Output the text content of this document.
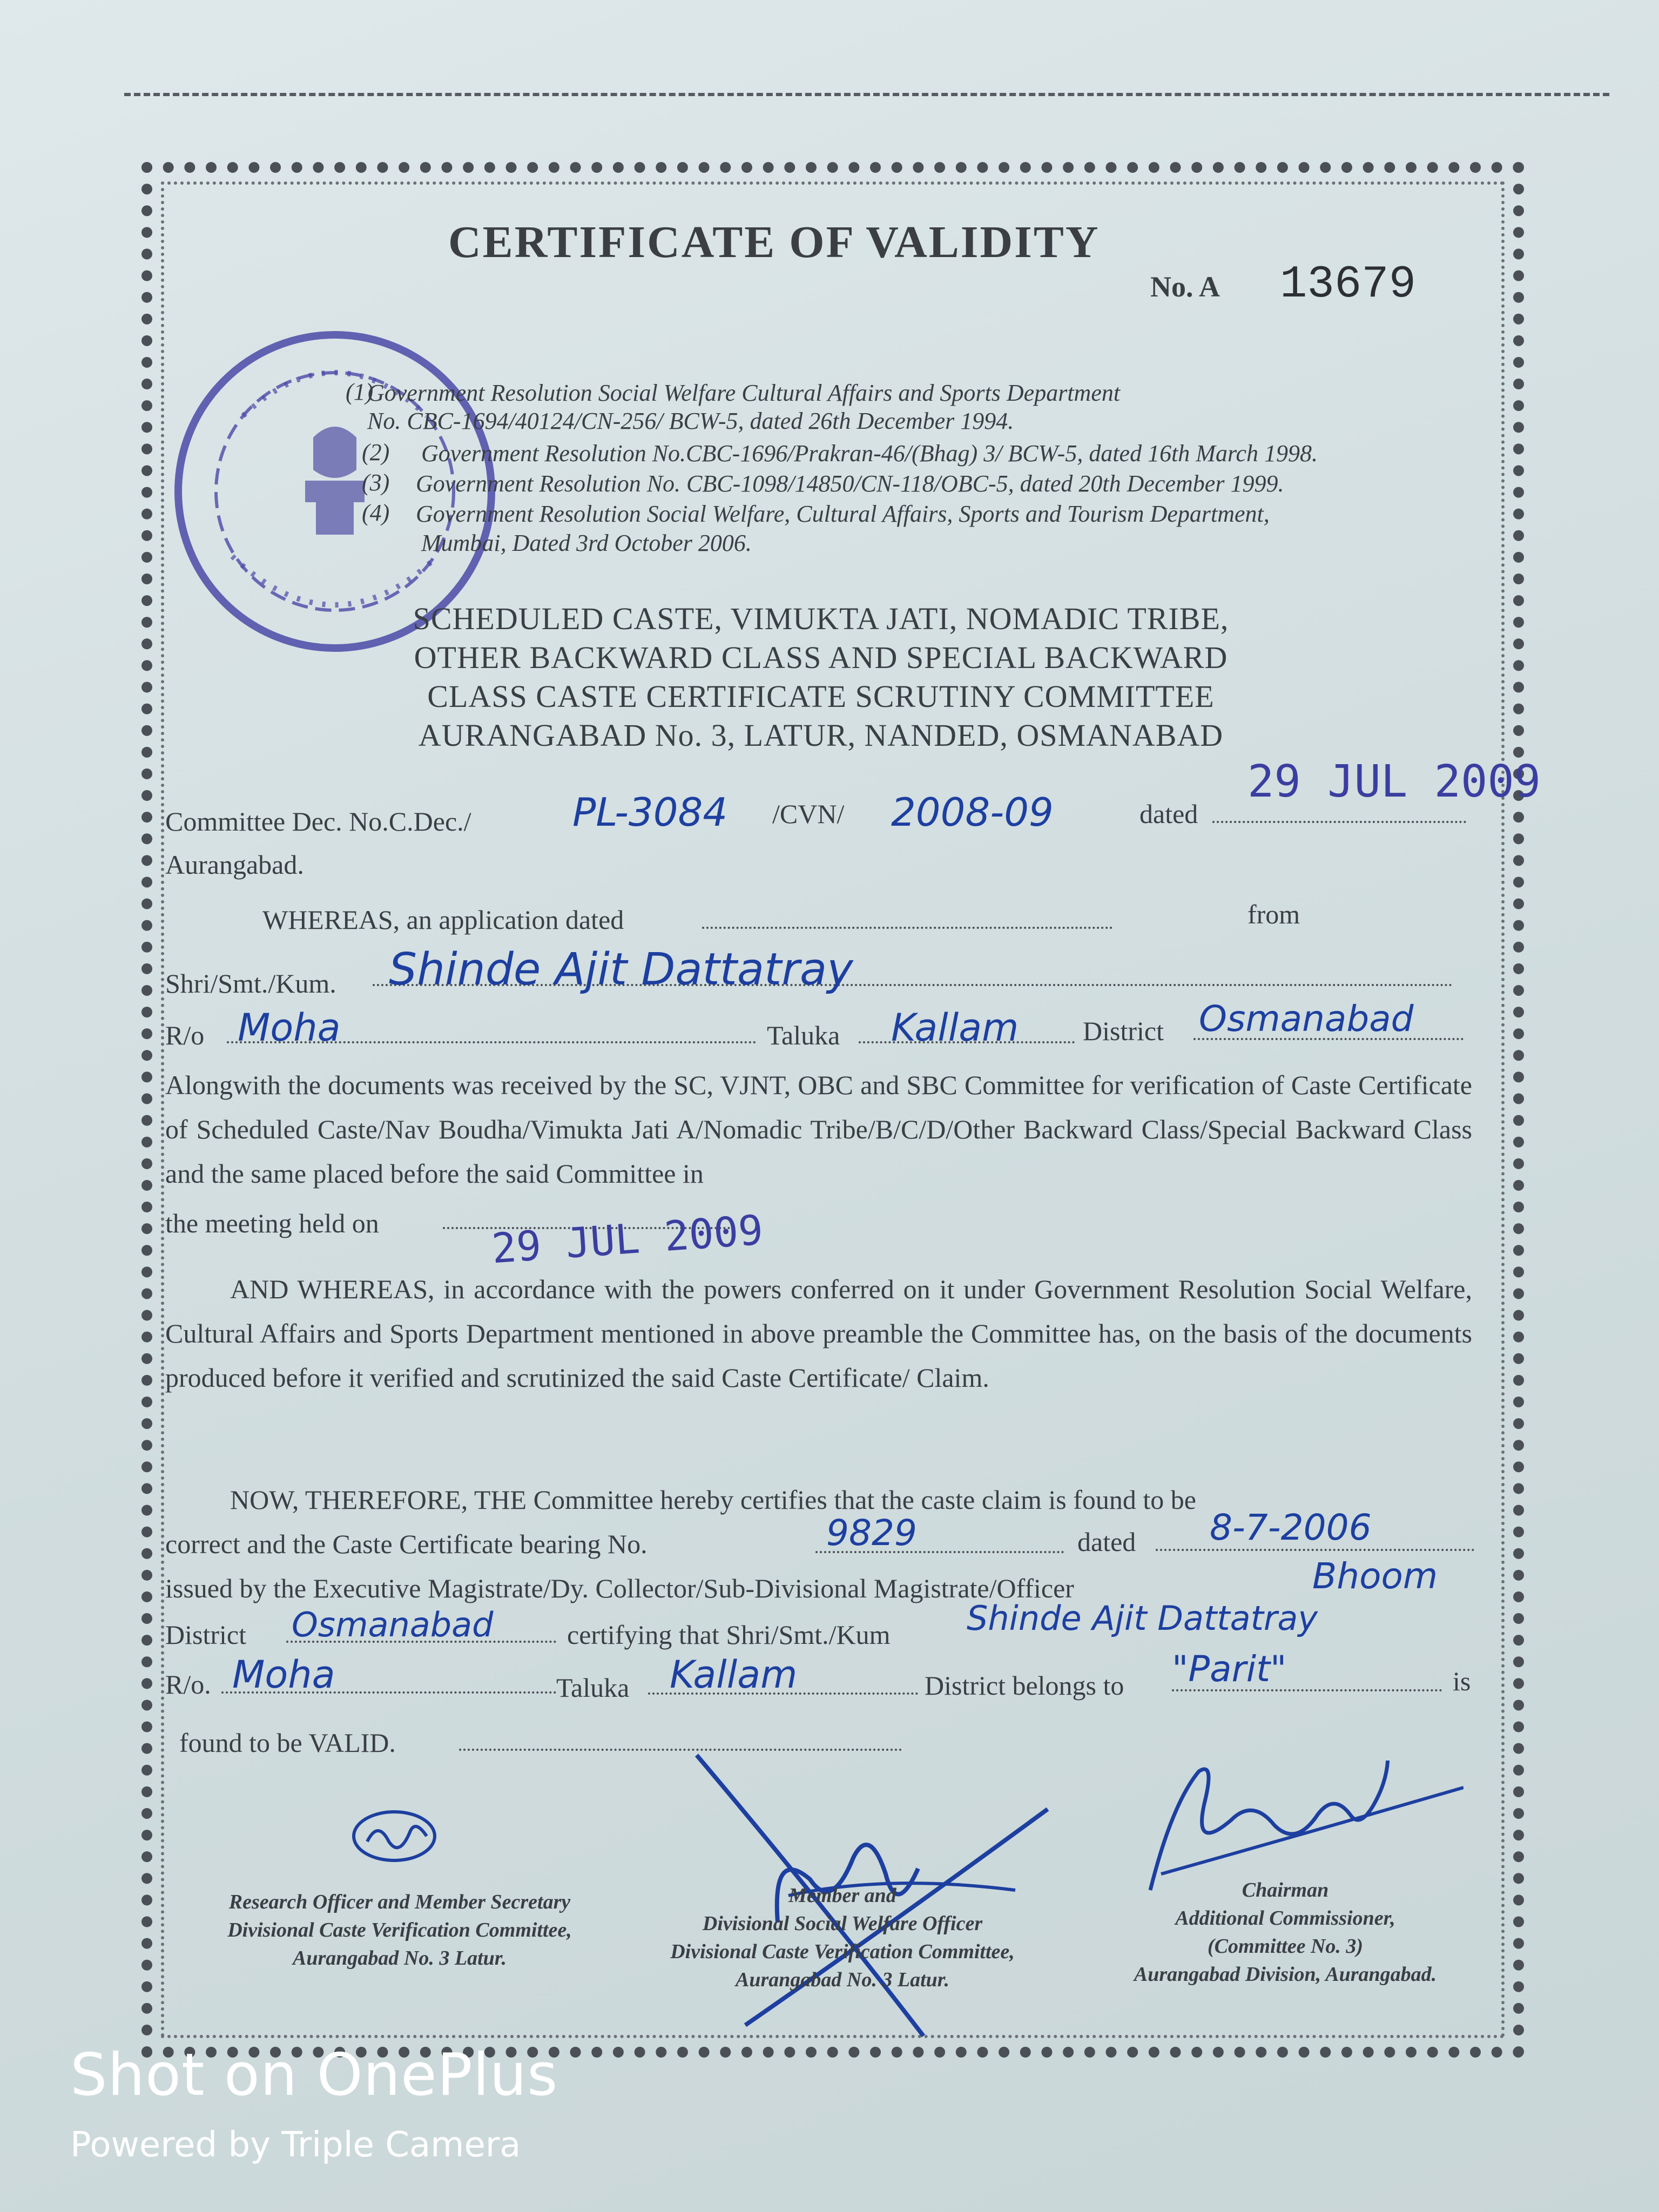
CERTIFICATE OF VALIDITY
No. A 13679
(1)
Government Resolution Social Welfare Cultural Affairs and Sports Department
No. CBC-1694/40124/CN-256/ BCW-5, dated 26th December 1994.
(2) Government Resolution No.CBC-1696/Prakran-46/(Bhag) 3/ BCW-5, dated 16th March 1998.
(3) Government Resolution No. CBC-1098/14850/CN-118/OBC-5, dated 20th December 1999.
(4) Government Resolution Social Welfare, Cultural Affairs, Sports and Tourism Department,
Mumbai, Dated 3rd October 2006.
SCHEDULED CASTE, VIMUKTA JATI, NOMADIC TRIBE,
OTHER BACKWARD CLASS AND SPECIAL BACKWARD
CLASS CASTE CERTIFICATE SCRUTINY COMMITTEE
AURANGABAD No. 3, LATUR, NANDED, OSMANABAD
Committee Dec. No.C.Dec./	PL-3084 /CVN/ 2008-09	dated
29 JUL 2009
Aurangabad.
WHEREAS, an application dated	from
Shri/Smt./Kum. Shinde Ajit Dattatray
R/o Moha	Taluka Kallam District Osmanabad
Alongwith the documents was received by the SC, VJNT, OBC and SBC Committee for verification of Caste Certificate of Scheduled Caste/Nav Boudha/Vimukta Jati A/Nomadic Tribe/B/C/D/Other Backward Class/Special Backward Class and the same placed before the said Committee in
the meeting held on	29 JUL 2009
AND WHEREAS, in accordance with the powers conferred on it under Government Resolution Social Welfare, Cultural Affairs and Sports Department mentioned in above preamble the Committee has, on the basis of the documents produced before it verified and scrutinized the said Caste Certificate/ Claim.
NOW, THEREFORE, THE Committee hereby certifies that the caste claim is found to be
correct and the Caste Certificate bearing No.	9829	dated 8-7-2006
issued by the Executive Magistrate/Dy. Collector/Sub-Divisional Magistrate/Officer	Bhoom
District Osmanabad	certifying that Shri/Smt./Kum Shinde Ajit Dattatray
R/o. Moha	Taluka Kallam	District belongs to "Parit"	is
found to be VALID.
Research Officer and Member Secretary
Divisional Caste Verification Committee,
Aurangabad No. 3 Latur.
Member and
Divisional Social Welfare Officer
Divisional Caste Verification Committee,
Aurangabad No. 3 Latur.
Chairman
Additional Commissioner,
(Committee No. 3)
Aurangabad Division, Aurangabad.
Shot on OnePlus
Powered by Triple Camera
